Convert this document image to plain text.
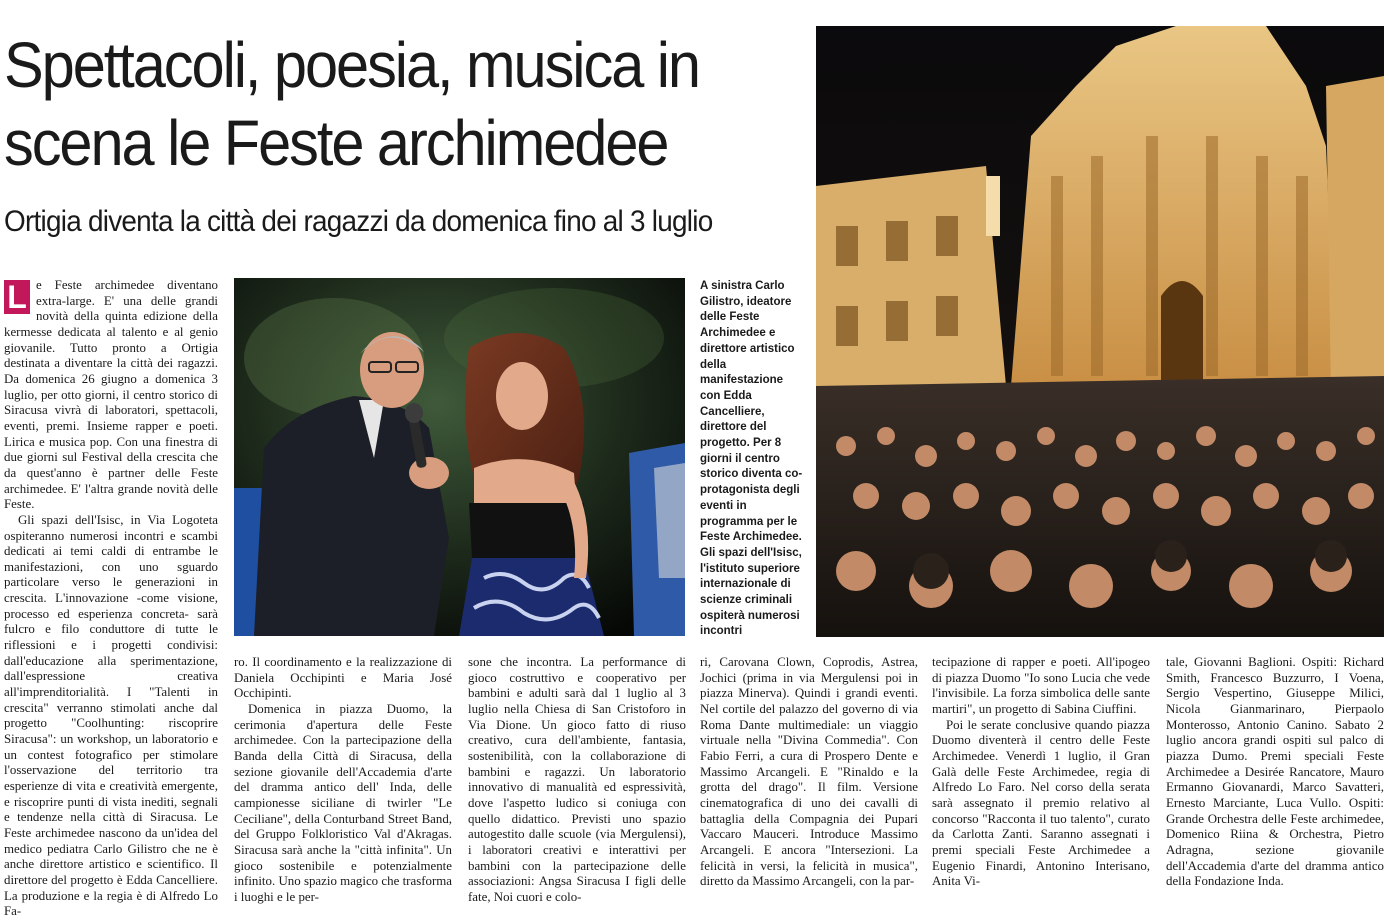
Spettacoli, poesia, musica in scena le Feste archimedee
Ortigia diventa la città dei ragazzi da domenica fino al 3 luglio
A sinistra Carlo Gilistro, ideatore delle Feste Archimedee e direttore artistico della manifestazione con Edda Cancelliere, direttore del progetto. Per 8 giorni il centro storico diventa co-protagonista degli eventi in programma per le Feste Archimedee. Gli spazi dell'Isisc, l'istituto superiore internazionale di scienze criminali ospiterà numerosi incontri

L e Feste archimedee diventano extra-large. E' una delle grandi novità della quinta edizione della kermesse dedicata al talento e al genio giovanile. Tutto pronto a Ortigia destinata a diventare la città dei ragazzi. Da domenica 26 giugno a domenica 3 luglio, per otto giorni, il centro storico di Siracusa vivrà di laboratori, spettacoli, eventi, premi. Insieme rapper e poeti. Lirica e musica pop. Con una finestra di due giorni sul Festival della crescita che da quest'anno è partner delle Feste archimedee. E' l'altra grande novità delle Feste.

Gli spazi dell'Isisc, in Via Logoteta ospiteranno numerosi incontri e scambi dedicati ai temi caldi di entrambe le manifestazioni, con uno sguardo particolare verso le generazioni in crescita. L'innovazione -come visione, processo ed esperienza concreta- sarà fulcro e filo conduttore di tutte le riflessioni e i progetti condivisi: dall'educazione alla sperimentazione, dall'espressione creativa all'imprenditorialità. I "Talenti in crescita" verranno stimolati anche dal progetto "Coolhunting: riscoprire Siracusa": un workshop, un laboratorio e un contest fotografico per stimolare l'osservazione del territorio tra esperienze di vita e creatività emergente, e riscoprire punti di vista inediti, segnali e tendenze nella città di Siracusa. Le Feste archimedee nascono da un'idea del medico pediatra Carlo Gilistro che ne è anche direttore artistico e scientifico. Il direttore del progetto è Edda Cancelliere. La produzione e la regia è di Alfredo Lo Fa-

ro. Il coordinamento e la realizzazione di Daniela Occhipinti e Maria José Occhipinti.

Domenica in piazza Duomo, la cerimonia d'apertura delle Feste archimedee. Con la partecipazione della Banda della Città di Siracusa, della sezione giovanile dell'Accademia d'arte del dramma antico dell' Inda, delle campionesse siciliane di twirler "Le Ceciliane", della Conturband Street Band, del Gruppo Folkloristico Val d'Akragas. Siracusa sarà anche la "città infinita". Un gioco sostenibile e potenzialmente infinito. Uno spazio magico che trasforma i luoghi e le per-

sone che incontra. La performance di gioco costruttivo e cooperativo per bambini e adulti sarà dal 1 luglio al 3 luglio nella Chiesa di San Cristoforo in Via Dione. Un gioco fatto di riuso creativo, cura dell'ambiente, fantasia, sostenibilità, con la collaborazione di bambini e ragazzi. Un laboratorio innovativo di manualità ed espressività, dove l'aspetto ludico si coniuga con quello didattico. Previsti uno spazio autogestito dalle scuole (via Mergulensi), i laboratori creativi e interattivi per bambini con la partecipazione delle associazioni: Angsa Siracusa I figli delle fate, Noi cuori e colo-

ri, Carovana Clown, Coprodis, Astrea, Jochici (prima in via Mergulensi poi in piazza Minerva). Quindi i grandi eventi. Nel cortile del palazzo del governo di via Roma Dante multimediale: un viaggio virtuale nella "Divina Commedia". Con Fabio Ferri, a cura di Prospero Dente e Massimo Arcangeli. E "Rinaldo e la grotta del drago". Il film. Versione cinematografica di uno dei cavalli di battaglia della Compagnia dei Pupari Vaccaro Mauceri. Introduce Massimo Arcangeli. E ancora "Intersezioni. La felicità in versi, la felicità in musica", diretto da Massimo Arcangeli, con la par-

tecipazione di rapper e poeti. All'ipogeo di piazza Duomo "Io sono Lucia che vede l'invisibile. La forza simbolica delle sante martiri", un progetto di Sabina Ciuffini.

Poi le serate conclusive quando piazza Duomo diventerà il centro delle Feste Archimedee. Venerdì 1 luglio, il Gran Galà delle Feste Archimedee, regia di Alfredo Lo Faro. Nel corso della serata sarà assegnato il premio relativo al concorso "Racconta il tuo talento", curato da Carlotta Zanti. Saranno assegnati i premi speciali Feste Archimedee a Eugenio Finardi, Antonino Interisano, Anita Vi-

tale, Giovanni Baglioni. Ospiti: Richard Smith, Francesco Buzzurro, I Voena, Sergio Vespertino, Giuseppe Milici, Nicola Gianmarinaro, Pierpaolo Monterosso, Antonio Canino. Sabato 2 luglio ancora grandi ospiti sul palco di piazza Dumo. Premi speciali Feste Archimedee a Desirée Rancatore, Mauro Ermanno Giovanardi, Marco Savatteri, Ernesto Marciante, Luca Vullo. Ospiti: Grande Orchestra delle Feste archimedee, Domenico Riina & Orchestra, Pietro Adragna, sezione giovanile dell'Accademia d'arte del dramma antico della Fondazione Inda.
